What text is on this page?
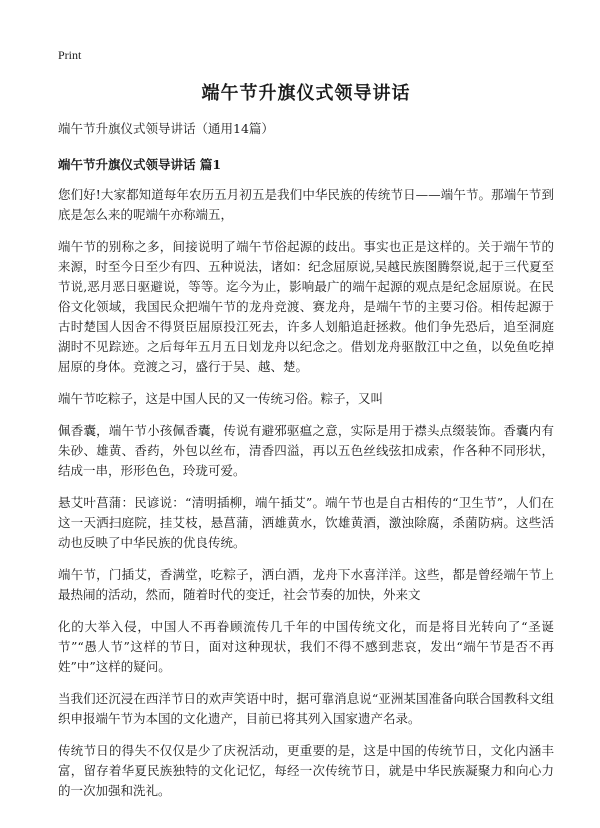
Print
端午节升旗仪式领导讲话

端午节升旗仪式领导讲话（通用14篇）

端午节升旗仪式领导讲话 篇1

您们好!大家都知道每年农历五月初五是我们中华民族的传统节日——端午节。那端午节到底是怎么来的呢端午亦称端五，

端午节的别称之多，间接说明了端午节俗起源的歧出。事实也正是这样的。关于端午节的来源，时至今日至少有四、五种说法，诸如：纪念屈原说,吴越民族图腾祭说,起于三代夏至节说,恶月恶日驱避说，等等。迄今为止，影响最广的端午起源的观点是纪念屈原说。在民俗文化领域，我国民众把端午节的龙舟竞渡、赛龙舟，是端午节的主要习俗。相传起源于古时楚国人因舍不得贤臣屈原投江死去，许多人划船追赶拯救。他们争先恐后，追至洞庭湖时不见踪迹。之后每年五月五日划龙舟以纪念之。借划龙舟驱散江中之鱼，以免鱼吃掉屈原的身体。竞渡之习，盛行于吴、越、楚。

端午节吃粽子，这是中国人民的又一传统习俗。粽子，又叫

佩香囊，端午节小孩佩香囊，传说有避邪驱瘟之意，实际是用于襟头点缀装饰。香囊内有朱砂、雄黄、香药，外包以丝布，清香四溢，再以五色丝线弦扣成索，作各种不同形状，结成一串，形形色色，玲珑可爱。

悬艾叶菖蒲：民谚说：“清明插柳，端午插艾”。端午节也是自古相传的“卫生节”，人们在这一天洒扫庭院，挂艾枝，悬菖蒲，洒雄黄水，饮雄黄酒，激浊除腐，杀菌防病。这些活动也反映了中华民族的优良传统。

端午节，门插艾，香满堂，吃粽子，洒白酒，龙舟下水喜洋洋。这些，都是曾经端午节上最热闹的活动，然而，随着时代的变迁，社会节奏的加快，外来文

化的大举入侵，中国人不再眷顾流传几千年的中国传统文化，而是将目光转向了“圣诞节”“愚人节”这样的节日，面对这种现状，我们不得不感到悲哀，发出“端午节是否不再姓”中”这样的疑问。

当我们还沉浸在西洋节日的欢声笑语中时，据可靠消息说“亚洲某国准备向联合国教科文组织申报端午节为本国的文化遗产，目前已将其列入国家遗产名录。

传统节日的得失不仅仅是少了庆祝活动，更重要的是，这是中国的传统节日，文化内涵丰富，留存着华夏民族独特的文化记忆，每经一次传统节日，就是中华民族凝聚力和向心力的一次加强和洗礼。
